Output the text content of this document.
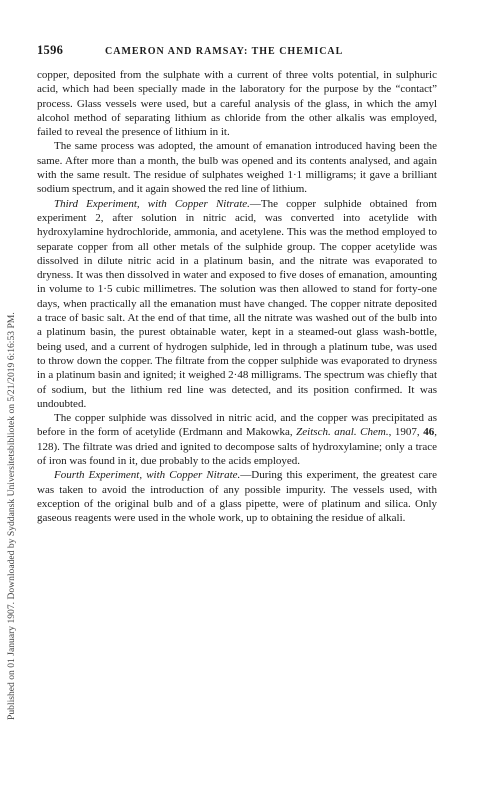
Published on 01 January 1907. Downloaded by Syddansk Universitetsbibliotek on 5/21/2019 6:16:53 PM.
1596	CAMERON AND RAMSAY: THE CHEMICAL

copper, deposited from the sulphate with a current of three volts potential, in sulphuric acid, which had been specially made in the laboratory for the purpose by the “contact” process. Glass vessels were used, but a careful analysis of the glass, in which the amyl alcohol method of separating lithium as chloride from the other alkalis was employed, failed to reveal the presence of lithium in it.

The same process was adopted, the amount of emanation introduced having been the same. After more than a month, the bulb was opened and its contents analysed, and again with the same result. The residue of sulphates weighed 1·1 milligrams; it gave a brilliant sodium spectrum, and it again showed the red line of lithium.

Third Experiment, with Copper Nitrate.—The copper sulphide obtained from experiment 2, after solution in nitric acid, was converted into acetylide with hydroxylamine hydrochloride, ammonia, and acetylene. This was the method employed to separate copper from all other metals of the sulphide group. The copper acetylide was dissolved in dilute nitric acid in a platinum basin, and the nitrate was evaporated to dryness. It was then dissolved in water and exposed to five doses of emanation, amounting in volume to 1·5 cubic millimetres. The solution was then allowed to stand for forty-one days, when practically all the emanation must have changed. The copper nitrate deposited a trace of basic salt. At the end of that time, all the nitrate was washed out of the bulb into a platinum basin, the purest obtainable water, kept in a steamed-out glass wash-bottle, being used, and a current of hydrogen sulphide, led in through a platinum tube, was used to throw down the copper. The filtrate from the copper sulphide was evaporated to dryness in a platinum basin and ignited; it weighed 2·48 milligrams. The spectrum was chiefly that of sodium, but the lithium red line was detected, and its position confirmed. It was undoubted.

The copper sulphide was dissolved in nitric acid, and the copper was precipitated as before in the form of acetylide (Erdmann and Makowka, Zeitsch. anal. Chem., 1907, 46, 128). The filtrate was dried and ignited to decompose salts of hydroxylamine; only a trace of iron was found in it, due probably to the acids employed.

Fourth Experiment, with Copper Nitrate.—During this experiment, the greatest care was taken to avoid the introduction of any possible impurity. The vessels used, with exception of the original bulb and of a glass pipette, were of platinum and silica. Only gaseous reagents were used in the whole work, up to obtaining the residue of alkali.
